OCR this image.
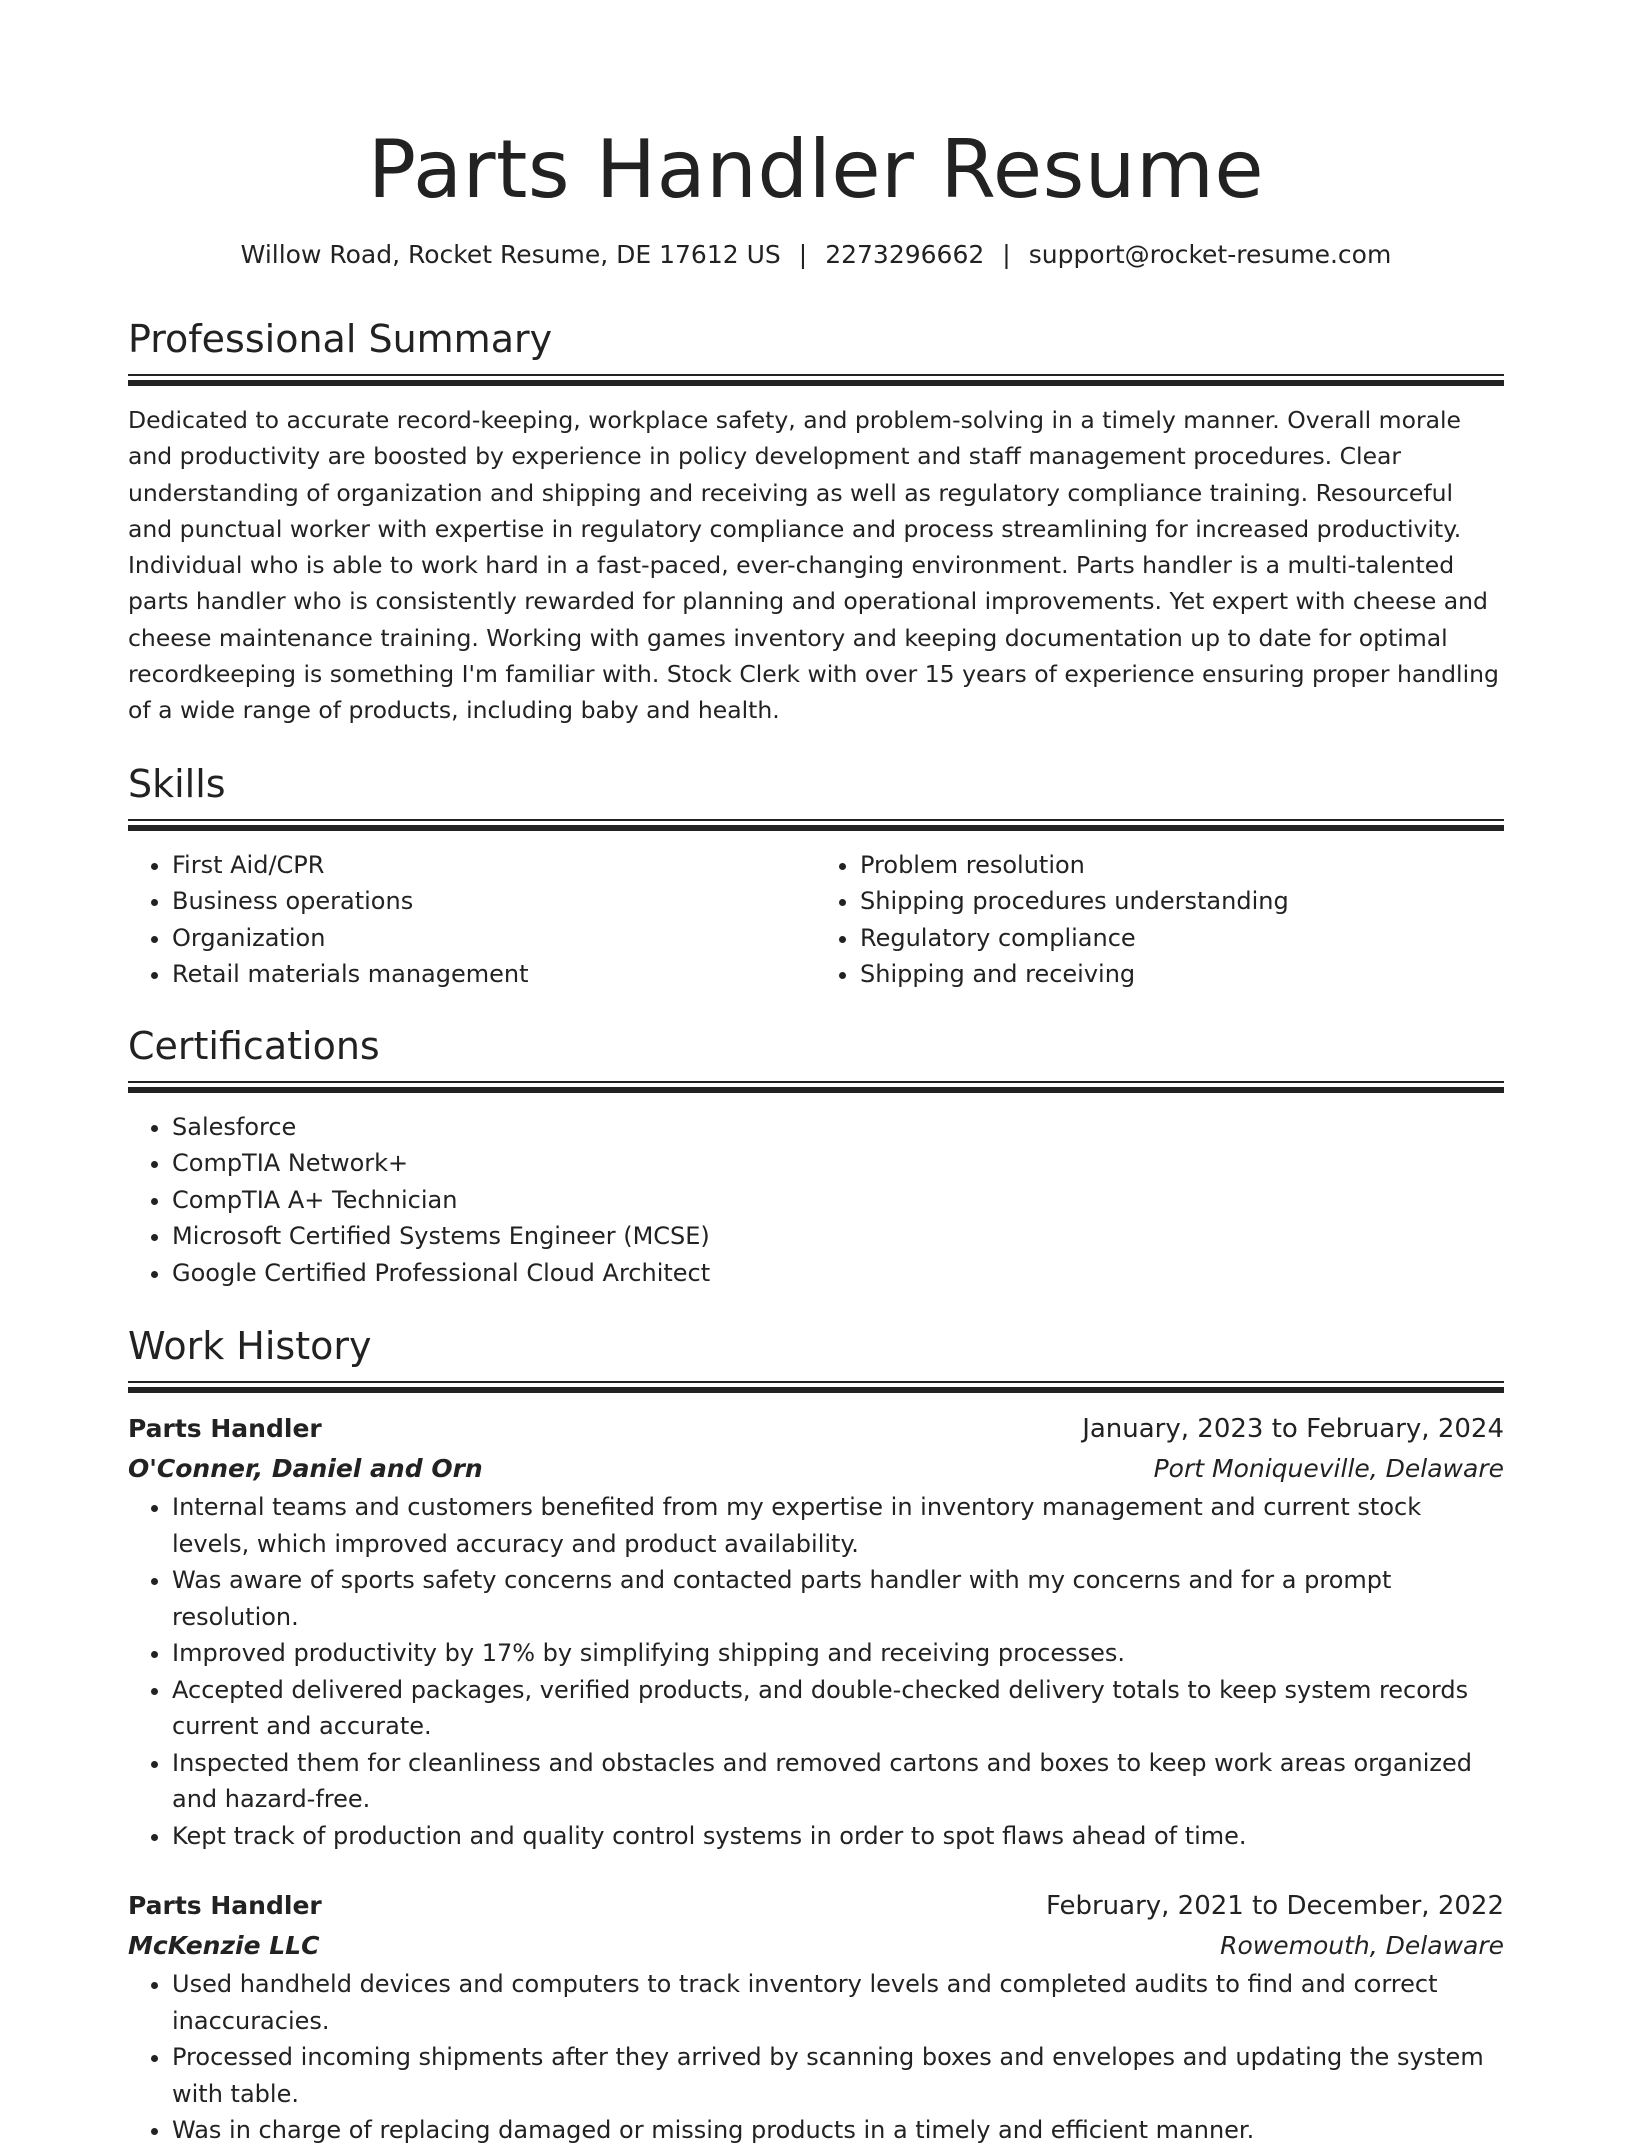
Parts Handler Resume
Willow Road, Rocket Resume, DE 17612 US | 2273296662 | support@rocket-resume.com
Professional Summary

Dedicated to accurate record-keeping, workplace safety, and problem-solving in a timely manner. Overall morale and productivity are boosted by experience in policy development and staff management procedures. Clear understanding of organization and shipping and receiving as well as regulatory compliance training. Resourceful and punctual worker with expertise in regulatory compliance and process streamlining for increased productivity. Individual who is able to work hard in a fast-paced, ever-changing environment. Parts handler is a multi-talented parts handler who is consistently rewarded for planning and operational improvements. Yet expert with cheese and cheese maintenance training. Working with games inventory and keeping documentation up to date for optimal recordkeeping is something I'm familiar with. Stock Clerk with over 15 years of experience ensuring proper handling of a wide range of products, including baby and health.

Skills
• First Aid/CPR
• Business operations
• Organization
• Retail materials management
• Problem resolution
• Shipping procedures understanding
• Regulatory compliance
• Shipping and receiving
Certifications
• Salesforce
• CompTIA Network+
• CompTIA A+ Technician
• Microsoft Certified Systems Engineer (MCSE)
• Google Certified Professional Cloud Architect
Work History
Parts Handler	January, 2023 to February, 2024
O'Conner, Daniel and Orn	Port Moniqueville, Delaware
• Internal teams and customers benefited from my expertise in inventory management and current stock levels, which improved accuracy and product availability.
• Was aware of sports safety concerns and contacted parts handler with my concerns and for a prompt resolution.
• Improved productivity by 17% by simplifying shipping and receiving processes.
• Accepted delivered packages, verified products, and double-checked delivery totals to keep system records current and accurate.
• Inspected them for cleanliness and obstacles and removed cartons and boxes to keep work areas organized and hazard-free.
• Kept track of production and quality control systems in order to spot flaws ahead of time.
Parts Handler	February, 2021 to December, 2022
McKenzie LLC	Rowemouth, Delaware
• Used handheld devices and computers to track inventory levels and completed audits to find and correct inaccuracies.
• Processed incoming shipments after they arrived by scanning boxes and envelopes and updating the system with table.
• Was in charge of replacing damaged or missing products in a timely and efficient manner.
